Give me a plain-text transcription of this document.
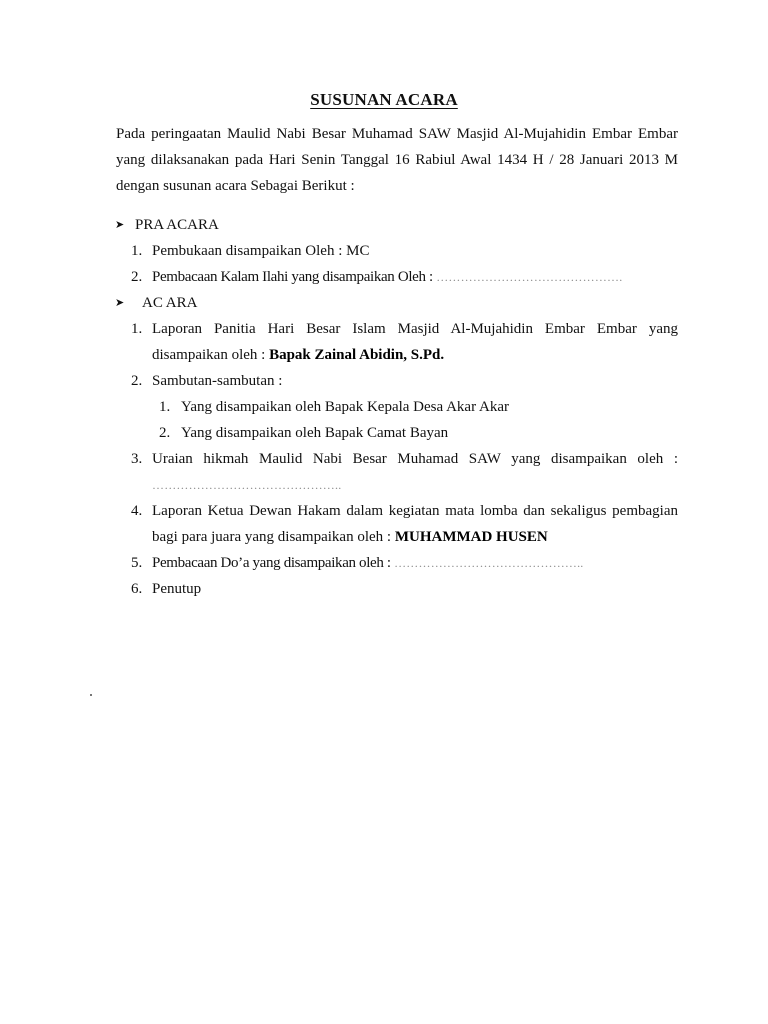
SUSUNAN ACARA
Pada peringaatan Maulid Nabi Besar Muhamad SAW Masjid Al-Mujahidin Embar Embar
yang dilaksanakan pada Hari Senin Tanggal 16 Rabiul Awal 1434 H / 28 Januari 2013 M
dengan susunan acara Sebagai Berikut :
➤ PRA ACARA
1. Pembukaan disampaikan Oleh : MC
2. Pembacaan Kalam Ilahi yang disampaikan Oleh : ……………………………………….
➤ AC ARA
1. Laporan Panitia Hari Besar Islam Masjid Al-Mujahidin Embar Embar yang
disampaikan oleh : Bapak Zainal Abidin, S.Pd.
2. Sambutan-sambutan :
1. Yang disampaikan oleh Bapak Kepala Desa Akar Akar
2. Yang disampaikan oleh Bapak Camat Bayan
3. Uraian hikmah Maulid Nabi Besar Muhamad SAW yang disampaikan oleh :
………………………………………..
4. Laporan Ketua Dewan Hakam dalam kegiatan mata lomba dan sekaligus pembagian
bagi para juara yang disampaikan oleh : MUHAMMAD HUSEN
5. Pembacaan Do’a yang disampaikan oleh : ………………………………………..
6. Penutup
